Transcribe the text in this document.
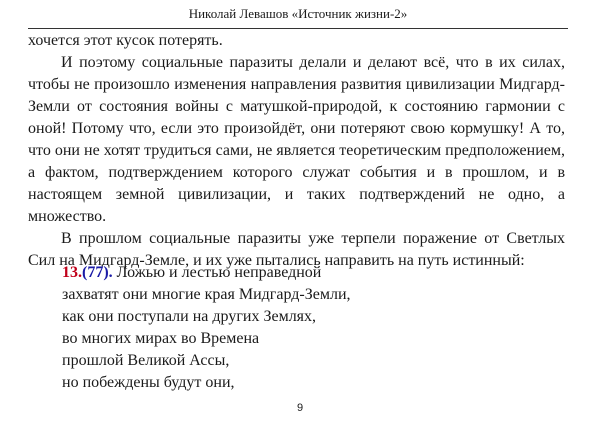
Николай Левашов «Источник жизни-2»

хочется этот кусок потерять.

И поэтому социальные паразиты делали и делают всё, что в их силах, чтобы не произошло изменения направления развития цивилизации Мидгард-Земли от состояния войны с матушкой-природой, к состоянию гармонии с оной! Потому что, если это произойдёт, они потеряют свою кормушку! А то, что они не хотят трудиться сами, не является теоретическим предположением, а фактом, подтверждением которого служат события и в прошлом, и в настоящем земной цивилизации, и таких подтверждений не одно, а множество.

В прошлом социальные паразиты уже терпели поражение от Светлых Сил на Мидгард-Земле, и их уже пытались направить на путь истинный:

13.(77). Ложью и лестью неправедной
захватят они многие края Мидгард-Земли,
как они поступали на других Землях,
во многих мирах во Времена
прошлой Великой Ассы,
но побеждены будут они,
9
